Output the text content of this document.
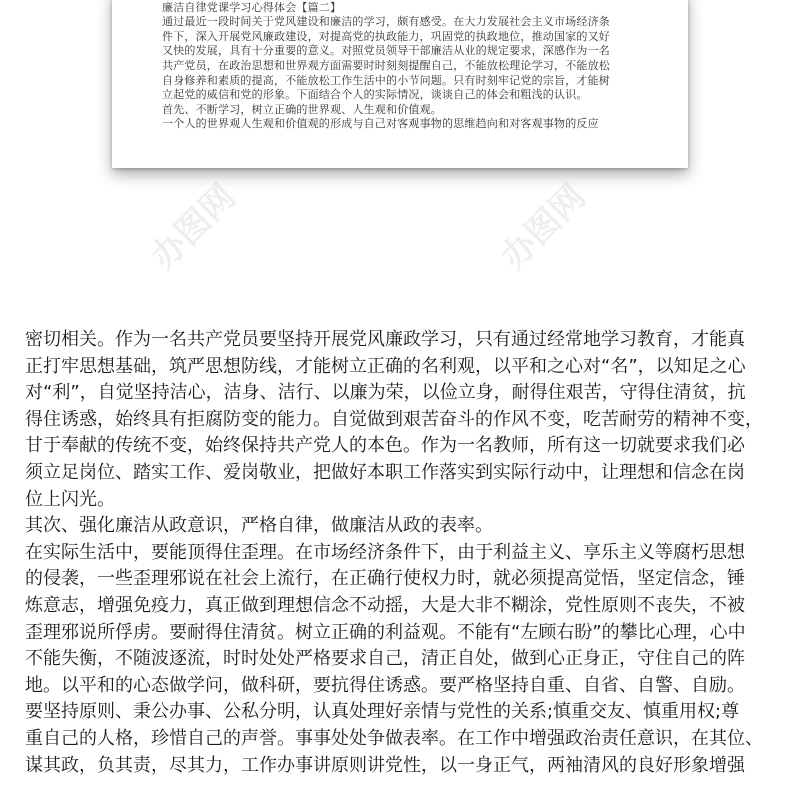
廉洁自律党课学习心得体会【篇二】
通过最近一段时间关于党风建设和廉洁的学习，颇有感受。在大力发展社会主义市场经济条
件下，深入开展党风廉政建设，对提高党的执政能力，巩固党的执政地位，推动国家的又好
又快的发展，具有十分重要的意义。对照党员领导干部廉洁从业的规定要求，深感作为一名
共产党员，在政治思想和世界观方面需要时时刻刻提醒自己，不能放松理论学习，不能放松
自身修养和素质的提高，不能放松工作生活中的小节问题。只有时刻牢记党的宗旨，才能树
立起党的威信和党的形象。下面结合个人的实际情况，谈谈自己的体会和粗浅的认识。
首先、不断学习，树立正确的世界观、人生观和价值观。
一个人的世界观人生观和价值观的形成与自己对客观事物的思维趋向和对客观事物的反应
办图网	办图网
密切相关。作为一名共产党员要坚持开展党风廉政学习，只有通过经常地学习教育，才能真
正打牢思想基础，筑严思想防线，才能树立正确的名利观，以平和之心对“名”，以知足之心
对“利”，自觉坚持洁心，洁身、洁行、以廉为荣，以俭立身，耐得住艰苦，守得住清贫，抗
得住诱惑，始终具有拒腐防变的能力。自觉做到艰苦奋斗的作风不变，吃苦耐劳的精神不变，
甘于奉献的传统不变，始终保持共产党人的本色。作为一名教师，所有这一切就要求我们必
须立足岗位、踏实工作、爱岗敬业，把做好本职工作落实到实际行动中，让理想和信念在岗
位上闪光。
其次、强化廉洁从政意识，严格自律，做廉洁从政的表率。
在实际生活中，要能顶得住歪理。在市场经济条件下，由于利益主义、享乐主义等腐朽思想
的侵袭，一些歪理邪说在社会上流行，在正确行使权力时，就必须提高觉悟，坚定信念，锤
炼意志，增强免疫力，真正做到理想信念不动摇，大是大非不糊涂，党性原则不丧失，不被
歪理邪说所俘虏。要耐得住清贫。树立正确的利益观。不能有“左顾右盼”的攀比心理，心中
不能失衡，不随波逐流，时时处处严格要求自己，清正自处，做到心正身正，守住自己的阵
地。以平和的心态做学问，做科研，要抗得住诱惑。要严格坚持自重、自省、自警、自励。
要坚持原则、秉公办事、公私分明，认真处理好亲情与党性的关系;慎重交友、慎重用权;尊
重自己的人格，珍惜自己的声誉。事事处处争做表率。在工作中增强政治责任意识，在其位、
谋其政，负其责，尽其力，工作办事讲原则讲党性，以一身正气，两袖清风的良好形象增强
